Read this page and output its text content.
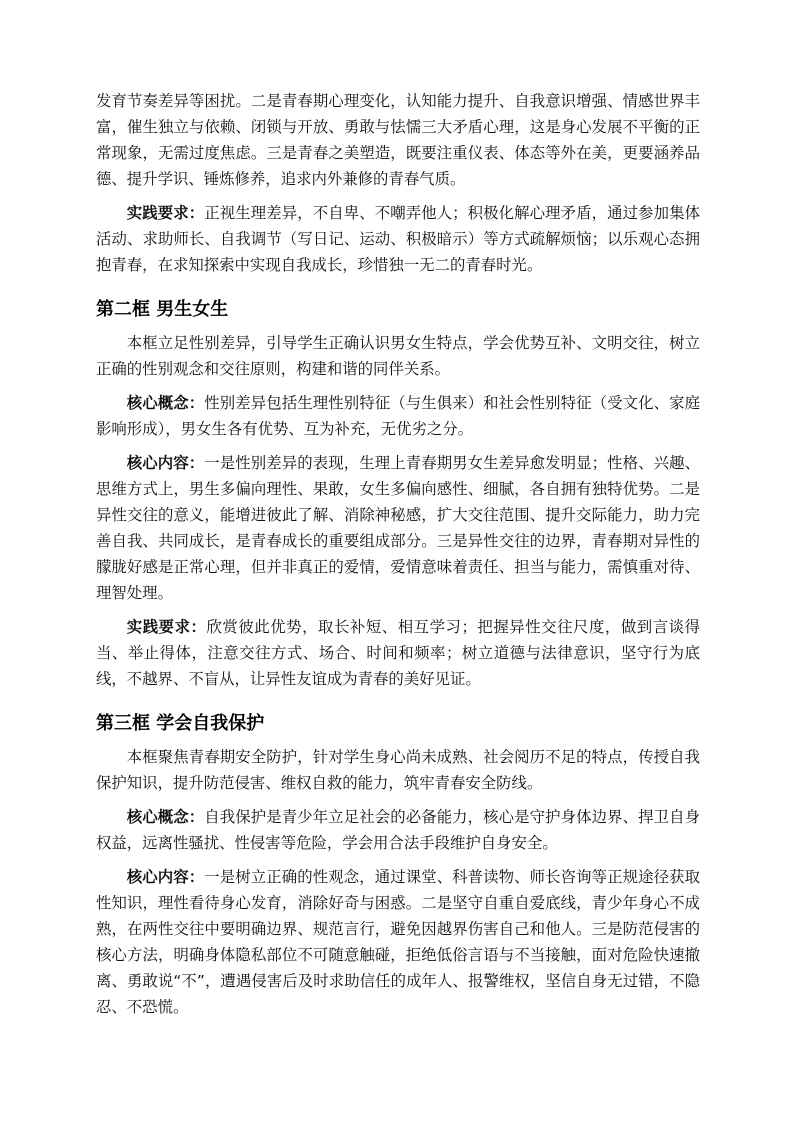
发育节奏差异等困扰。二是青春期心理变化，认知能力提升、自我意识增强、情感世界丰富，催生独立与依赖、闭锁与开放、勇敢与怯懦三大矛盾心理，这是身心发展不平衡的正常现象，无需过度焦虑。三是青春之美塑造，既要注重仪表、体态等外在美，更要涵养品德、提升学识、锤炼修养，追求内外兼修的青春气质。

实践要求：正视生理差异，不自卑、不嘲弄他人；积极化解心理矛盾，通过参加集体活动、求助师长、自我调节（写日记、运动、积极暗示）等方式疏解烦恼；以乐观心态拥抱青春，在求知探索中实现自我成长，珍惜独一无二的青春时光。

第二框 男生女生

本框立足性别差异，引导学生正确认识男女生特点，学会优势互补、文明交往，树立正确的性别观念和交往原则，构建和谐的同伴关系。

核心概念：性别差异包括生理性别特征（与生俱来）和社会性别特征（受文化、家庭影响形成），男女生各有优势、互为补充，无优劣之分。

核心内容：一是性别差异的表现，生理上青春期男女生差异愈发明显；性格、兴趣、思维方式上，男生多偏向理性、果敢，女生多偏向感性、细腻，各自拥有独特优势。二是异性交往的意义，能增进彼此了解、消除神秘感，扩大交往范围、提升交际能力，助力完善自我、共同成长，是青春成长的重要组成部分。三是异性交往的边界，青春期对异性的朦胧好感是正常心理，但并非真正的爱情，爱情意味着责任、担当与能力，需慎重对待、理智处理。

实践要求：欣赏彼此优势，取长补短、相互学习；把握异性交往尺度，做到言谈得当、举止得体，注意交往方式、场合、时间和频率；树立道德与法律意识，坚守行为底线，不越界、不盲从，让异性友谊成为青春的美好见证。

第三框 学会自我保护

本框聚焦青春期安全防护，针对学生身心尚未成熟、社会阅历不足的特点，传授自我保护知识，提升防范侵害、维权自救的能力，筑牢青春安全防线。

核心概念：自我保护是青少年立足社会的必备能力，核心是守护身体边界、捍卫自身权益，远离性骚扰、性侵害等危险，学会用合法手段维护自身安全。

核心内容：一是树立正确的性观念，通过课堂、科普读物、师长咨询等正规途径获取性知识，理性看待身心发育，消除好奇与困惑。二是坚守自重自爱底线，青少年身心不成熟，在两性交往中要明确边界、规范言行，避免因越界伤害自己和他人。三是防范侵害的核心方法，明确身体隐私部位不可随意触碰，拒绝低俗言语与不当接触，面对危险快速撤离、勇敢说“不”，遭遇侵害后及时求助信任的成年人、报警维权，坚信自身无过错，不隐忍、不恐慌。
